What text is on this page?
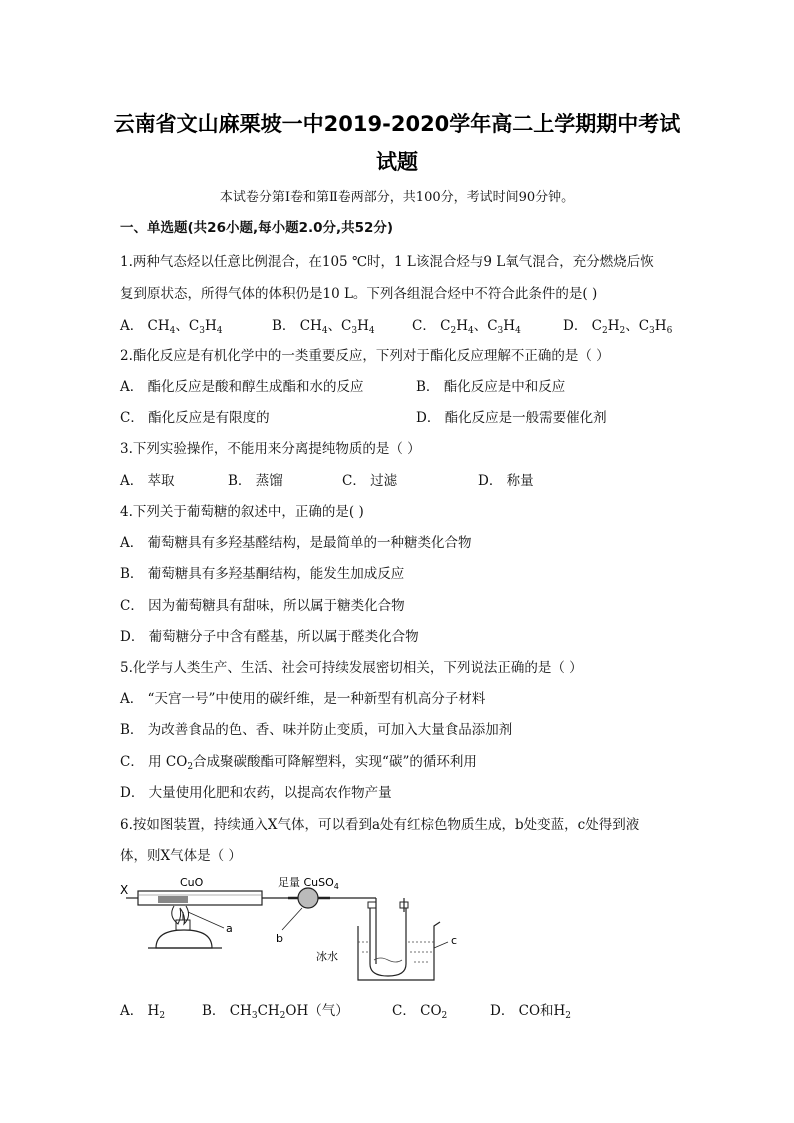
云南省文山麻栗坡一中2019-2020学年高二上学期期中考试
试题
本试卷分第Ⅰ卷和第Ⅱ卷两部分，共100分，考试时间90分钟。
一、单选题(共26小题,每小题2.0分,共52分)
1.两种气态烃以任意比例混合，在105 ℃时，1 L该混合烃与9 L氧气混合，充分燃烧后恢
复到原状态，所得气体的体积仍是10 L。下列各组混合烃中不符合此条件的是( )
A． $CH_4$、$C_3H_4$	B． $CH_4$、$C_3H_4$	C． $C_2H_4$、$C_3H_4$	D． $C_2H_2$、$C_3H_6$
2.酯化反应是有机化学中的一类重要反应，下列对于酯化反应理解不正确的是（ ）
A． 酯化反应是酸和醇生成酯和水的反应	B． 酯化反应是中和反应
C． 酯化反应是有限度的	D． 酯化反应是一般需要催化剂
3.下列实验操作，不能用来分离提纯物质的是（ ）
A． 萃取	B． 蒸馏	C． 过滤	D． 称量
4.下列关于葡萄糖的叙述中，正确的是( )
A． 葡萄糖具有多羟基醛结构，是最简单的一种糖类化合物
B． 葡萄糖具有多羟基酮结构，能发生加成反应
C． 因为葡萄糖具有甜味，所以属于糖类化合物
D． 葡萄糖分子中含有醛基，所以属于醛类化合物
5.化学与人类生产、生活、社会可持续发展密切相关，下列说法正确的是（ ）
A． “天宫一号”中使用的碳纤维，是一种新型有机高分子材料
B． 为改善食品的色、香、味并防止变质，可加入大量食品添加剂
C． 用 $CO_2$合成聚碳酸酯可降解塑料，实现“碳”的循环利用
D． 大量使用化肥和农药，以提高农作物产量
6.按如图装置，持续通入X气体，可以看到a处有红棕色物质生成，b处变蓝，c处得到液
体，则X气体是（ ）
X
CuO
a
足量 CuSO$_4$
b
冰水
c
A． $H_2$	B． $CH_3CH_2OH$（气）	C． $CO_2$	D． CO和$H_2$
